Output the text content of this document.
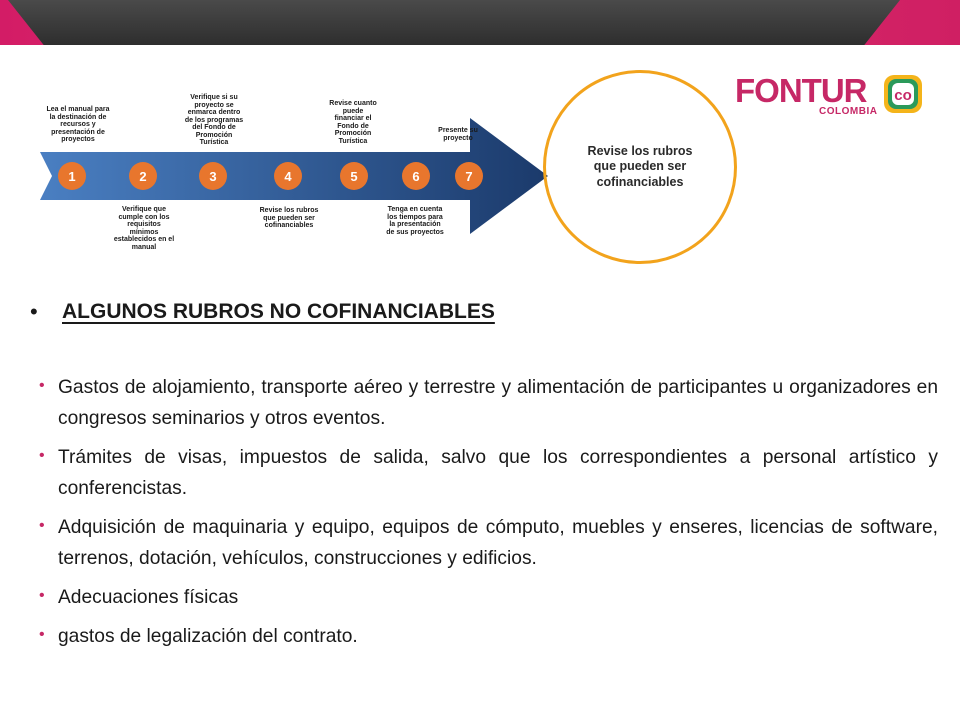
1	2	3	4	5	6	7
Lea el manual para la destinación de recursos y presentación de proyectos
Verifique si su proyecto se enmarca dentro de los programas del Fondo de Promoción Turística
Revise cuanto puede financiar el Fondo de Promoción Turística
Presente su proyecto
Verifique que cumple con los requisitos mínimos establecidos en el manual
Revise los rubros que pueden ser cofinanciables
Tenga en cuenta los tiempos para la presentación de sus proyectos
Revise los rubros que pueden ser cofinanciables
FONTUR
COLOMBIA
co
•	ALGUNOS RUBROS NO COFINANCIABLES
• Gastos de alojamiento, transporte aéreo y terrestre y alimentación de participantes u organizadores en congresos seminarios y otros eventos.
• Trámites de visas, impuestos de salida, salvo que los correspondientes a personal artístico y conferencistas.
• Adquisición de maquinaria y equipo, equipos de cómputo, muebles y enseres, licencias de software, terrenos, dotación, vehículos, construcciones y edificios.
• Adecuaciones físicas
• gastos de legalización del contrato.
